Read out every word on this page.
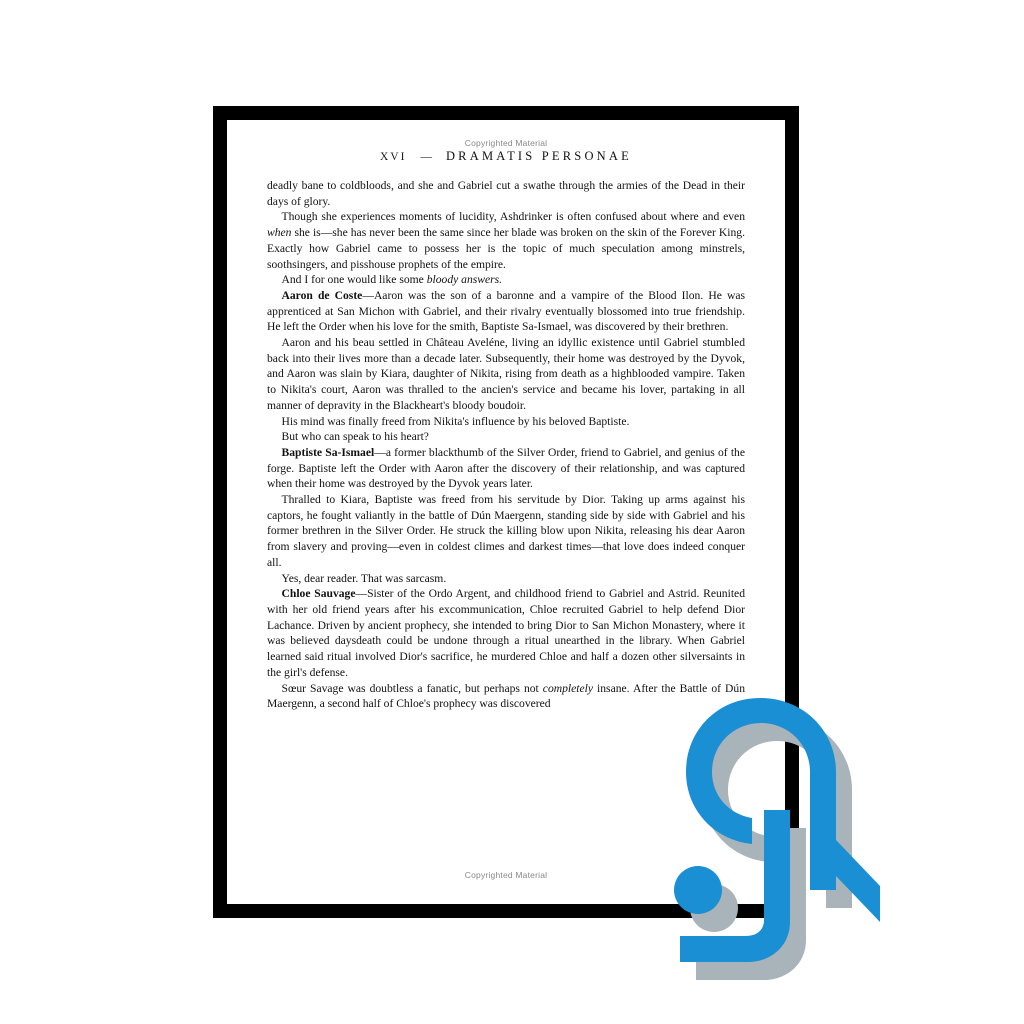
Copyrighted Material
XVI — DRAMATIS PERSONAE

deadly bane to coldbloods, and she and Gabriel cut a swathe through the armies of the Dead in their days of glory.

Though she experiences moments of lucidity, Ashdrinker is often confused about where and even when she is—she has never been the same since her blade was broken on the skin of the Forever King. Exactly how Gabriel came to possess her is the topic of much speculation among minstrels, soothsingers, and pisshouse prophets of the empire.

And I for one would like some bloody answers.

Aaron de Coste—Aaron was the son of a baronne and a vampire of the Blood Ilon. He was apprenticed at San Michon with Gabriel, and their rivalry eventually blossomed into true friendship. He left the Order when his love for the smith, Baptiste Sa-Ismael, was discovered by their brethren.

Aaron and his beau settled in Château Aveléne, living an idyllic existence until Gabriel stumbled back into their lives more than a decade later. Subsequently, their home was destroyed by the Dyvok, and Aaron was slain by Kiara, daughter of Nikita, rising from death as a highblooded vampire. Taken to Nikita's court, Aaron was thralled to the ancien's service and became his lover, partaking in all manner of depravity in the Blackheart's bloody boudoir.

His mind was finally freed from Nikita's influence by his beloved Baptiste.

But who can speak to his heart?

Baptiste Sa-Ismael—a former blackthumb of the Silver Order, friend to Gabriel, and genius of the forge. Baptiste left the Order with Aaron after the discovery of their relationship, and was captured when their home was destroyed by the Dyvok years later.

Thralled to Kiara, Baptiste was freed from his servitude by Dior. Taking up arms against his captors, he fought valiantly in the battle of Dún Maergenn, standing side by side with Gabriel and his former brethren in the Silver Order. He struck the killing blow upon Nikita, releasing his dear Aaron from slavery and proving—even in coldest climes and darkest times—that love does indeed conquer all.

Yes, dear reader. That was sarcasm.

Chloe Sauvage—Sister of the Ordo Argent, and childhood friend to Gabriel and Astrid. Reunited with her old friend years after his excommunication, Chloe recruited Gabriel to help defend Dior Lachance. Driven by ancient prophecy, she intended to bring Dior to San Michon Monastery, where it was believed daysdeath could be undone through a ritual unearthed in the library. When Gabriel learned said ritual involved Dior's sacrifice, he murdered Chloe and half a dozen other silversaints in the girl's defense.

Sœur Savage was doubtless a fanatic, but perhaps not completely insane. After the Battle of Dún Maergenn, a second half of Chloe's prophecy was discovered

Copyrighted Material
